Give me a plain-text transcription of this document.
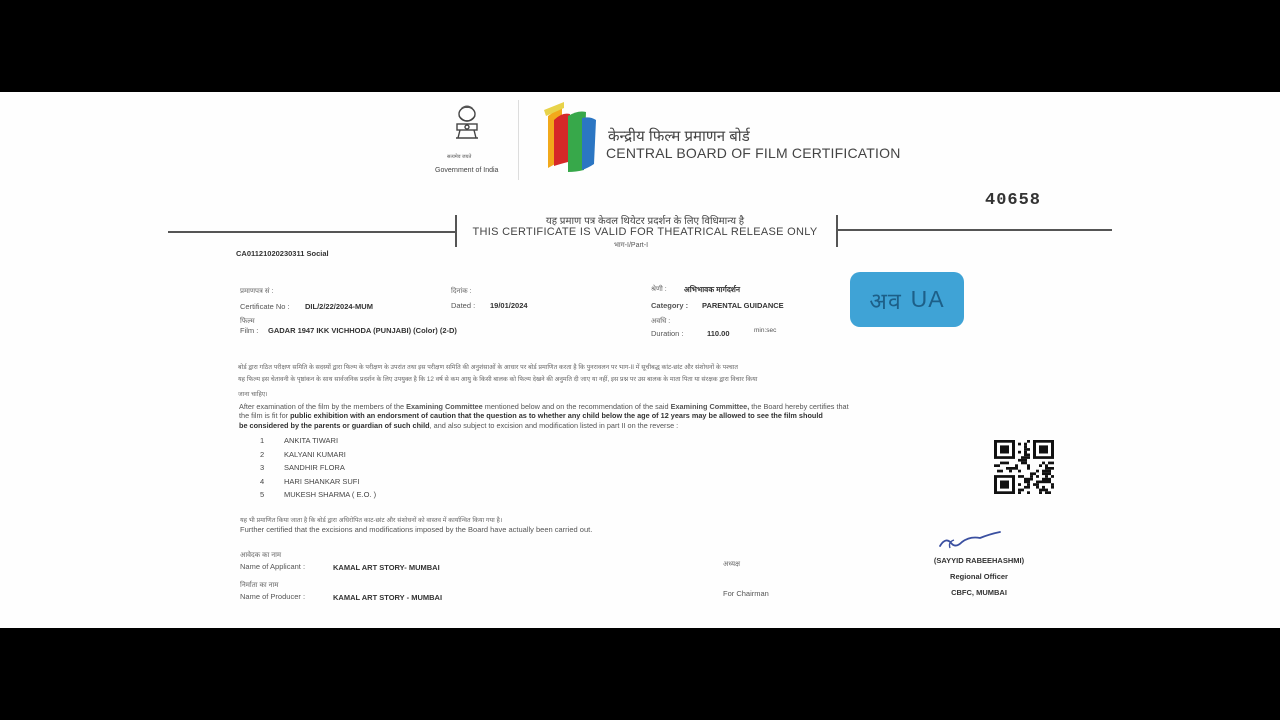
सत्यमेव जयते
Government of India
केन्द्रीय फिल्म प्रमाणन बोर्ड
CENTRAL BOARD OF FILM CERTIFICATION
40658
यह प्रमाण पत्र केवल थियेटर प्रदर्शन के लिए विधिमान्य है
THIS CERTIFICATE IS VALID FOR THEATRICAL RELEASE ONLY
भाग-I/Part-I
CA01121020230311 Social
प्रमाणपत्र सं :
Certificate No : DIL/2/22/2024-MUM
दिनांक :
Dated : 19/01/2024
श्रेणी : अभिभावक मार्गदर्शन
Category : PARENTAL GUIDANCE
फिल्म
Film : GADAR 1947 IKK VICHHODA (PUNJABI) (Color) (2-D)
अवधि :
Duration :	110.00	min:sec
अव
UA
बोर्ड द्वारा गठित परीक्षण समिति के सदस्यों द्वारा फिल्म के परीक्षण के उपरांत तथा इस परीक्षण समिति की अनुशंसाओं के आधार पर बोर्ड प्रमाणित करता है कि पुनरावलन पर भाग-II में सूचीबद्ध कांट-छांट और संशोधनों के पश्चात
यह फिल्म इस चेतावनी के पृष्ठांकन के साथ सार्वजनिक प्रदर्शन के लिए उपयुक्त है कि 12 वर्ष से कम आयु के किसी बालक को फिल्म देखने की अनुमति दी जाए या नहीं, इस प्रश्न पर उस बालक के माता पिता या संरक्षक द्वारा विचार किया
जाना चाहिए।
After examination of the film by the members of the Examining Committee mentioned below and on the recommendation of the said Examining Committee, the Board hereby certifies that
the film is fit for public exhibition with an endorsment of caution that the question as to whether any child below the age of 12 years may be allowed to see the film should
be considered by the parents or guardian of such child, and also subject to excision and modification listed in part II on the reverse :
1	ANKITA TIWARI
2	KALYANI KUMARI
3	SANDHIR FLORA
4	HARI SHANKAR SUFI
5	MUKESH SHARMA ( E.O. )
यह भी प्रमाणित किया जाता है कि बोर्ड द्वारा अधिरोपित काट-छांट और संशोधनों को वास्तव में कार्यान्वित किया गया है।
Further certified that the excisions and modifications imposed by the Board have actually been carried out.
आवेदक का नाम
Name of Applicant :	KAMAL ART STORY- MUMBAI
निर्माता का नाम
Name of Producer :	KAMAL ART STORY - MUMBAI
अध्यक्ष
For Chairman
(SAYYID RABEEHASHMI)
Regional Officer
CBFC, MUMBAI
